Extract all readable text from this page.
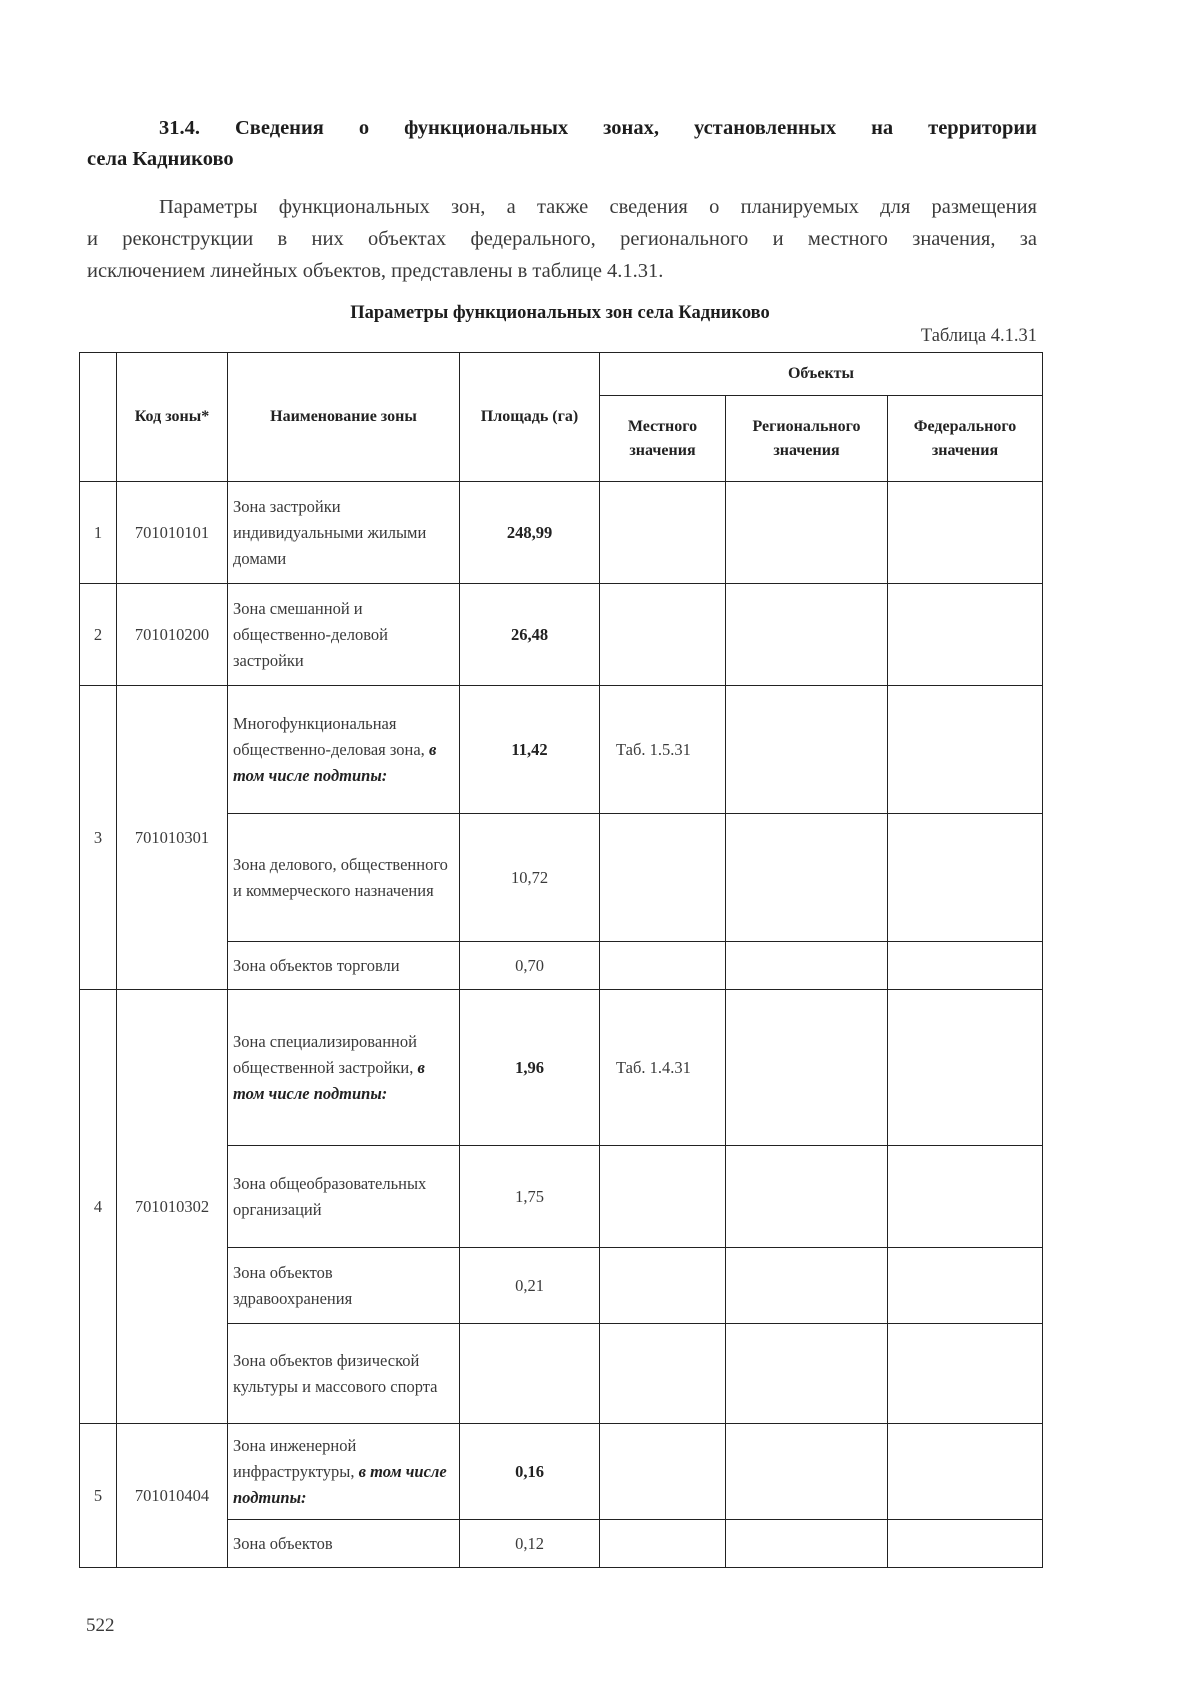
31.4. Сведения о функциональных зонах, установленных на территории
села Кадниково
Параметры функциональных зон, а также сведения о планируемых для размещения
и реконструкции в них объектах федерального, регионального и местного значения, за
исключением линейных объектов, представлены в таблице 4.1.31.
Параметры функциональных зон села Кадниково
Таблица 4.1.31
	Код зоны*	Наименование зоны	Площадь (га)	Объекты		
				Местного значения	Регионального значения	Федерального значения
1	701010101	Зона застройки индивидуальными жилыми домами	248,99			
2	701010200	Зона смешанной и общественно-деловой застройки	26,48			
3	701010301	Многофункциональная общественно-деловая зона, в том числе подтипы:	11,42	Таб. 1.5.31		
		Зона делового, общественного и коммерческого назначения	10,72			
		Зона объектов торговли	0,70			
4	701010302	Зона специализированной общественной застройки, в том числе подтипы:	1,96	Таб. 1.4.31		
		Зона общеобразовательных организаций	1,75			
		Зона объектов здравоохранения	0,21			
		Зона объектов физической культуры и массового спорта				
5	701010404	Зона инженерной инфраструктуры, в том числе подтипы:	0,16			
		Зона объектов	0,12			
522
